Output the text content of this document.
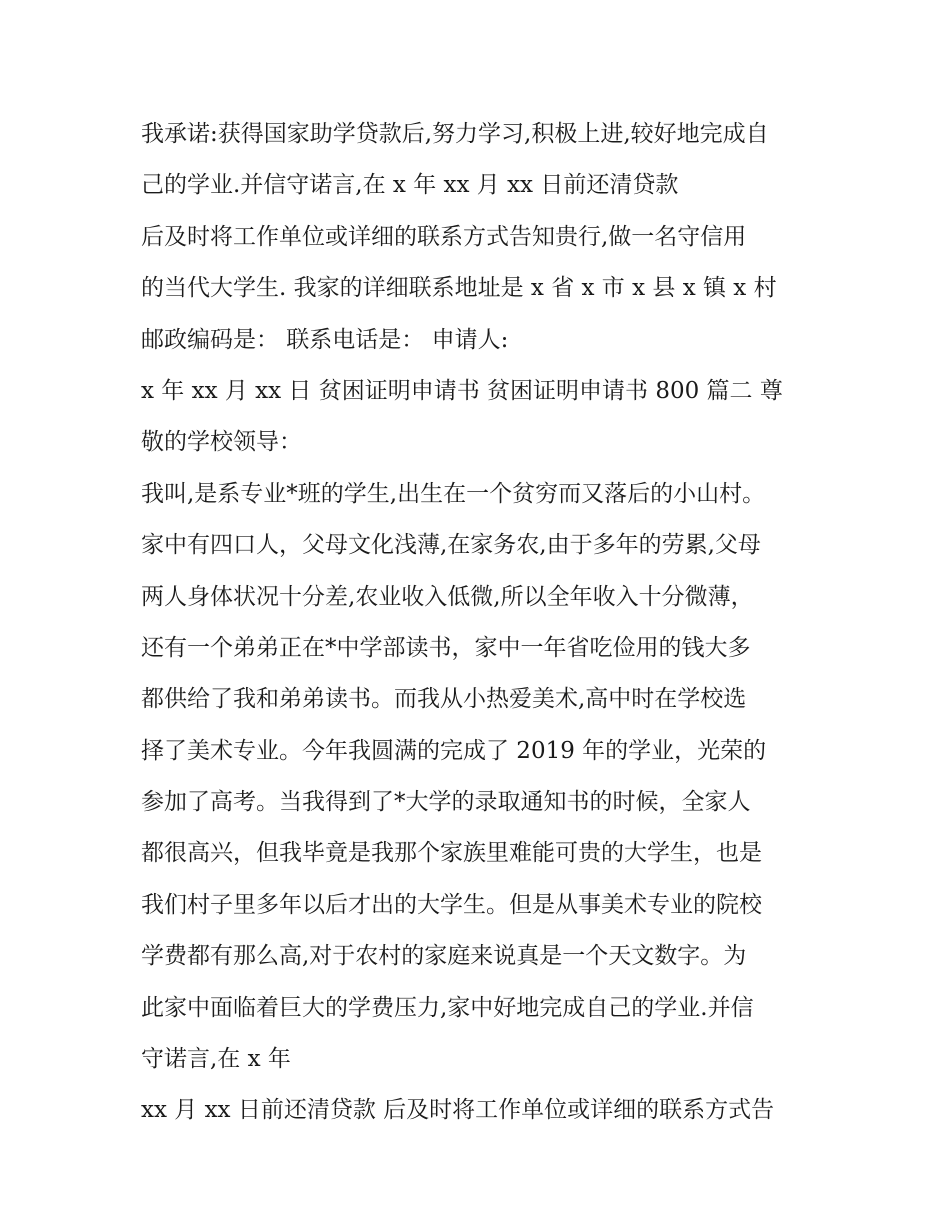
我承诺:获得国家助学贷款后,努力学习,积极上进,较好地完成自
己的学业.并信守诺言,在 x 年 xx 月 xx 日前还清贷款
后及时将工作单位或详细的联系方式告知贵行,做一名守信用
的当代大学生. 我家的详细联系地址是 x 省 x 市 x 县 x 镇 x 村
邮政编码是： 联系电话是： 申请人:
x 年 xx 月 xx 日 贫困证明申请书 贫困证明申请书 800 篇二 尊
敬的学校领导：
我叫,是系专业*班的学生,出生在一个贫穷而又落后的小山村。
家中有四口人，父母文化浅薄,在家务农,由于多年的劳累,父母
两人身体状况十分差,农业收入低微,所以全年收入十分微薄，
还有一个弟弟正在*中学部读书，家中一年省吃俭用的钱大多
都供给了我和弟弟读书。而我从小热爱美术,高中时在学校选
择了美术专业。今年我圆满的完成了 2019 年的学业，光荣的
参加了高考。当我得到了*大学的录取通知书的时候，全家人
都很高兴，但我毕竟是我那个家族里难能可贵的大学生，也是
我们村子里多年以后才出的大学生。但是从事美术专业的院校
学费都有那么高,对于农村的家庭来说真是一个天文数字。为
此家中面临着巨大的学费压力,家中好地完成自己的学业.并信
守诺言,在 x 年
xx 月 xx 日前还清贷款 后及时将工作单位或详细的联系方式告
